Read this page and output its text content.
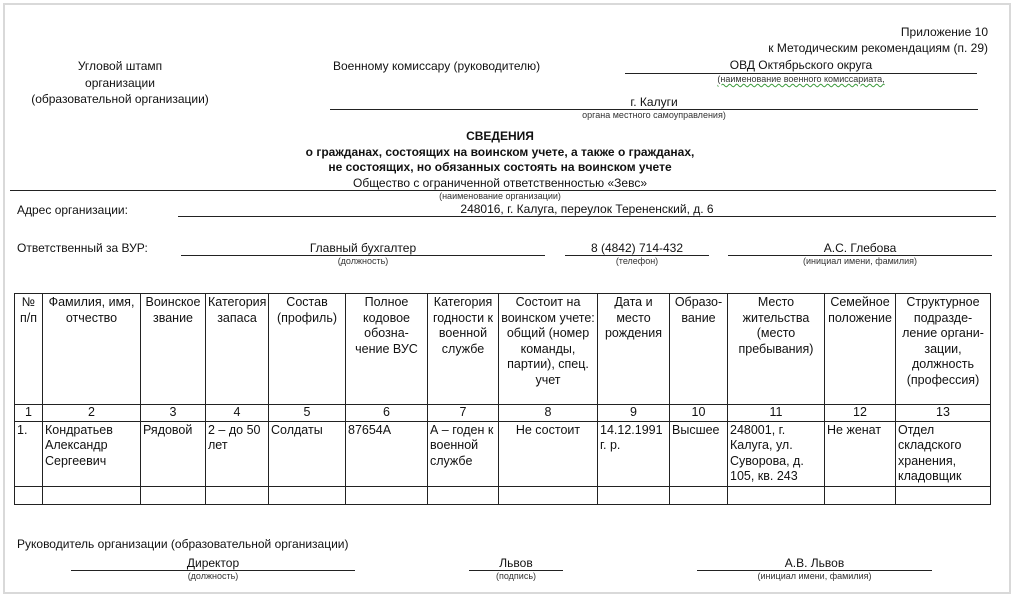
Приложение 10
к Методическим рекомендациям (п. 29)
Угловой штамп
организации
(образовательной организации)
Военному комиссару (руководителю)	ОВД Октябрьского округа
(наименование военного комиссариата,
г. Калуги
органа местного самоуправления)
СВЕДЕНИЯ
о гражданах, состоящих на воинском учете, а также о гражданах,
не состоящих, но обязанных состоять на воинском учете
Общество с ограниченной ответственностью «Зевс»
(наименование организации)
Адрес организации:	248016, г. Калуга, переулок Терененский, д. 6
Ответственный за ВУР:	Главный бухгалтер
(должность)
8 (4842) 714-432
(телефон)
А.С. Глебова
(инициал имени, фамилия)
№ п/п	Фамилия, имя, отчество	Воинское звание	Категория запаса	Состав (профиль)	Полное кодовое обозна-чение ВУС	Категория годности к военной службе	Состоит на воинском учете: общий (номер команды, партии), спец. учет	Дата и место рождения	Образо-вание	Место жительства (место пребывания)	Семейное положение	Структурное подразде-ление органи-зации, должность (профессия)
1	2	3	4	5	6	7	8	9	10	11	12	13
1.	Кондратьев Александр Сергеевич	Рядовой	2 – до 50 лет	Солдаты	87654А	А – годен к военной службе	Не состоит	14.12.1991 г. р.	Высшее	248001, г. Калуга, ул. Суворова, д. 105, кв. 243	Не женат	Отдел складского хранения, кладовщик

Руководитель организации (образовательной организации)
Директор
(должность)
Львов
(подпись)
А.В. Львов
(инициал имени, фамилия)
